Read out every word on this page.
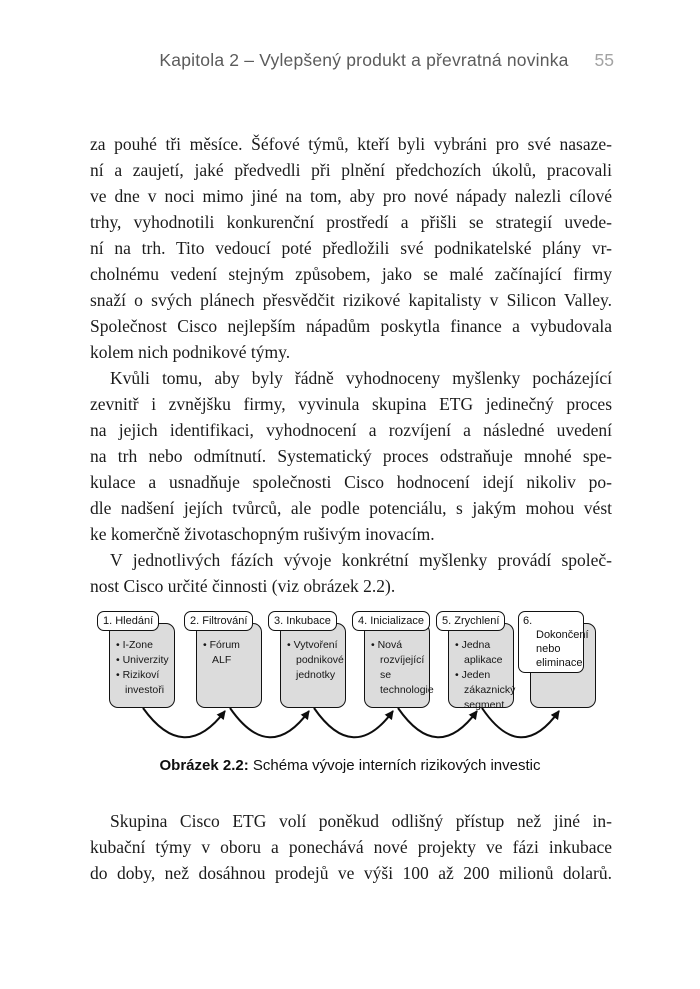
Kapitola 2 – Vylepšený produkt a převratná novinka	55
za pouhé tři měsíce. Šéfové týmů, kteří byli vybráni pro své nasaze-
ní a zaujetí, jaké předvedli při plnění předchozích úkolů, pracovali
ve dne v noci mimo jiné na tom, aby pro nové nápady nalezli cílové
trhy, vyhodnotili konkurenční prostředí a přišli se strategií uvede-
ní na trh. Tito vedoucí poté předložili své podnikatelské plány vr-
cholnému vedení stejným způsobem, jako se malé začínající firmy
snaží o svých plánech přesvědčit rizikové kapitalisty v Silicon Valley.
Společnost Cisco nejlepším nápadům poskytla finance a vybudovala
kolem nich podnikové týmy.
Kvůli tomu, aby byly řádně vyhodnoceny myšlenky pocházející
zevnitř i zvnějšku firmy, vyvinula skupina ETG jedinečný proces
na jejich identifikaci, vyhodnocení a rozvíjení a následné uvedení
na trh nebo odmítnutí. Systematický proces odstraňuje mnohé spe-
kulace a usnadňuje společnosti Cisco hodnocení idejí nikoliv po-
dle nadšení jejích tvůrců, ale podle potenciálu, s jakým mohou vést
ke komerčně životaschopným rušivým inovacím.
V jednotlivých fázích vývoje konkrétní myšlenky provádí společ-
nost Cisco určité činnosti (viz obrázek 2.2).
• I-Zone
• Univerzity
• Rizikoví investoři
1. Hledání
• Fórum ALF
2. Filtrování
• Vytvoření podnikové jednotky
3. Inkubace
• Nová rozvíjející se technologie
4. Inicializace
• Jedna aplikace
• Jeden zákaznický segment
5. Zrychlení	6. Dokončení nebo eliminace
Obrázek 2.2: Schéma vývoje interních rizikových investic
Skupina Cisco ETG volí poněkud odlišný přístup než jiné in-
kubační týmy v oboru a ponechává nové projekty ve fázi inkubace
do doby, než dosáhnou prodejů ve výši 100 až 200 milionů dolarů.
